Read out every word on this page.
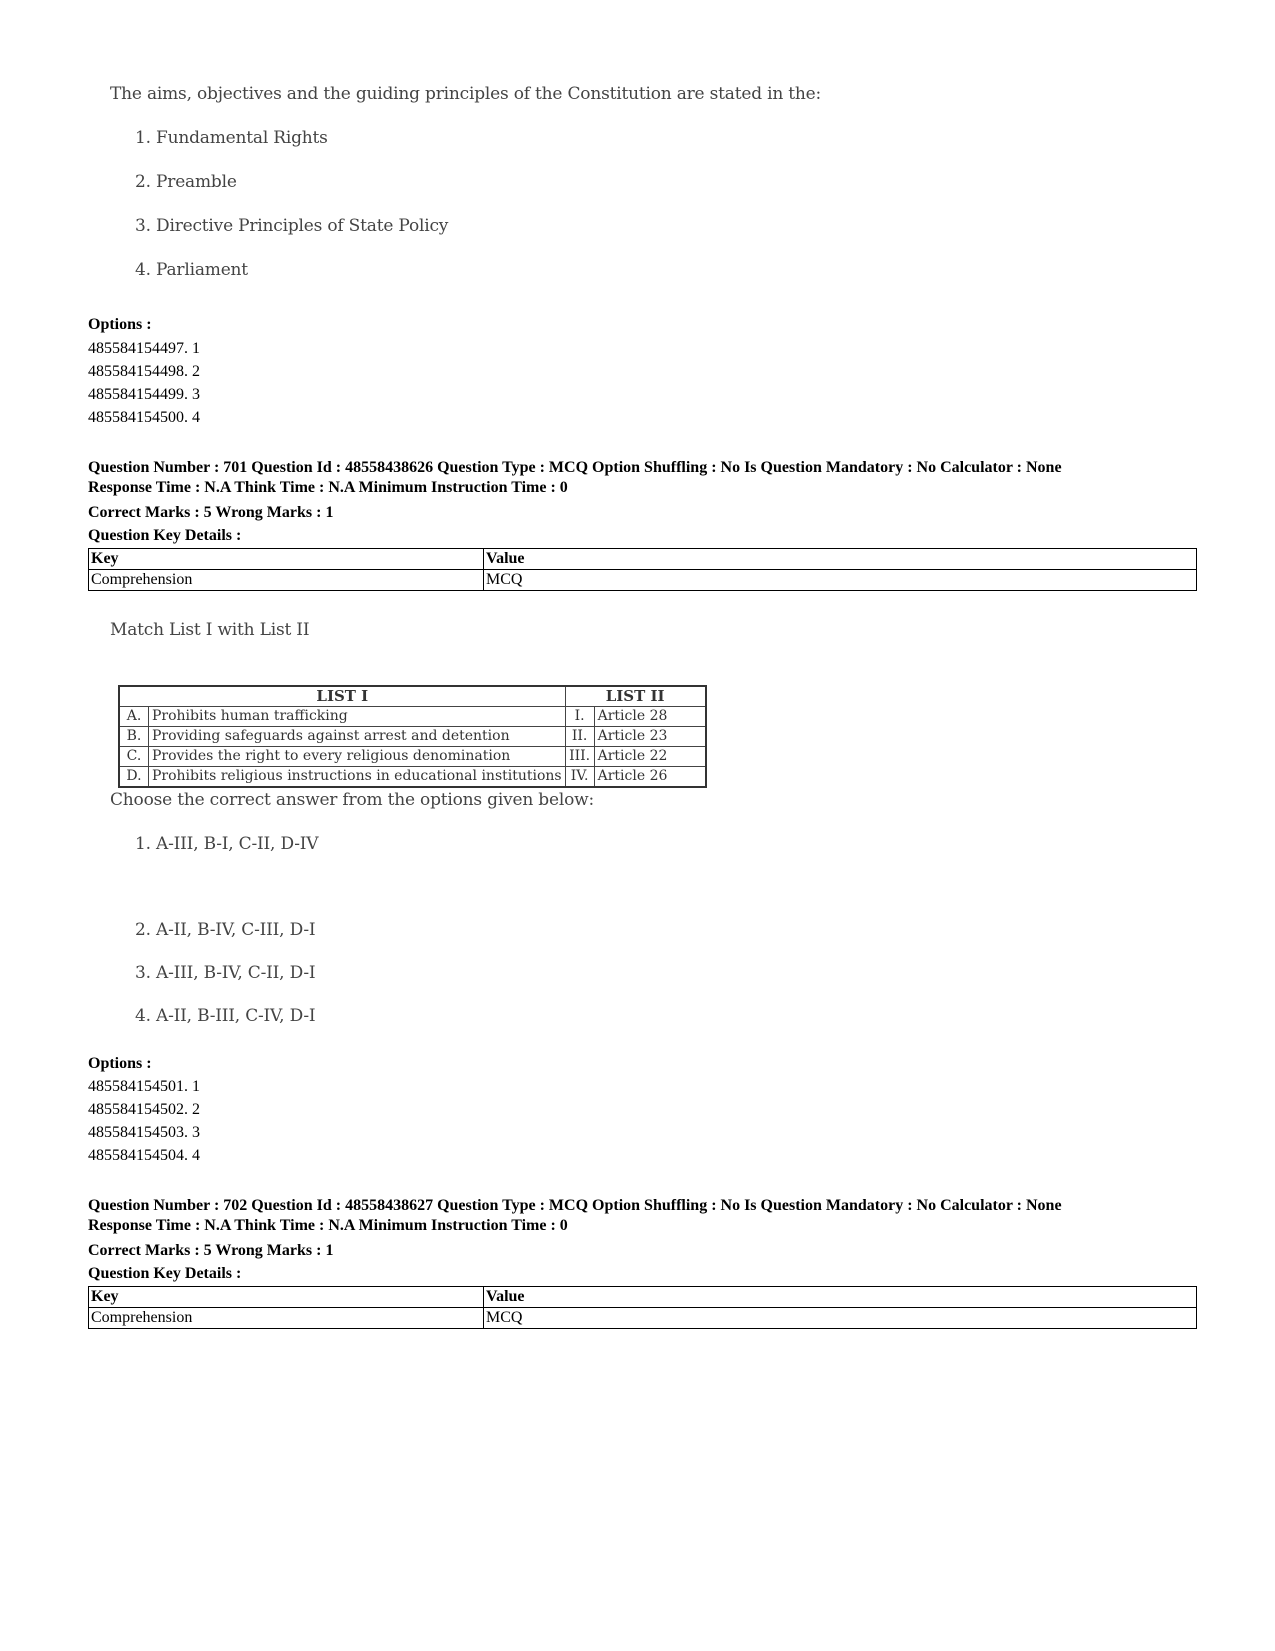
The aims, objectives and the guiding principles of the Constitution are stated in the:

1. Fundamental Rights
2. Preamble
3. Directive Principles of State Policy
4. Parliament
Options :
485584154497. 1
485584154498. 2
485584154499. 3
485584154500. 4
Question Number : 701 Question Id : 48558438626 Question Type : MCQ Option Shuffling : No Is Question Mandatory : No Calculator : None
Response Time : N.A Think Time : N.A Minimum Instruction Time : 0
Correct Marks : 5 Wrong Marks : 1
Question Key Details :
Key	Value
Comprehension	MCQ

Match List I with List II

LIST I		LIST II	
A.	Prohibits human trafficking	I.	Article 28
B.	Providing safeguards against arrest and detention	II.	Article 23
C.	Provides the right to every religious denomination	III.	Article 22
D.	Prohibits religious instructions in educational institutions	IV.	Article 26

Choose the correct answer from the options given below:

1. A-III, B-I, C-II, D-IV
2. A-II, B-IV, C-III, D-I
3. A-III, B-IV, C-II, D-I
4. A-II, B-III, C-IV, D-I
Options :
485584154501. 1
485584154502. 2
485584154503. 3
485584154504. 4
Question Number : 702 Question Id : 48558438627 Question Type : MCQ Option Shuffling : No Is Question Mandatory : No Calculator : None
Response Time : N.A Think Time : N.A Minimum Instruction Time : 0
Correct Marks : 5 Wrong Marks : 1
Question Key Details :
Key	Value
Comprehension	MCQ
